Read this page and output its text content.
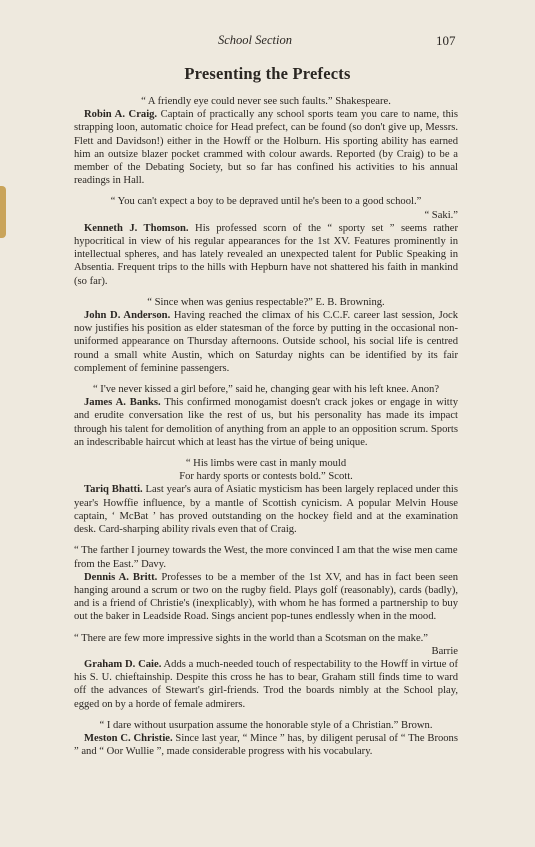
School Section	107
Presenting the Prefects

“ A friendly eye could never see such faults.” Shakespeare.

Robin A. Craig. Captain of practically any school sports team you care to name, this strapping loon, automatic choice for Head prefect, can be found (so don't give up, Messrs. Flett and Davidson!) either in the Howff or the Holburn. His sporting ability has earned him an outsize blazer pocket crammed with colour awards. Reported (by Craig) to be a member of the Debating Society, but so far has confined his activities to his annual readings in Hall.

“ You can't expect a boy to be depraved until he's been to a good school.”

“ Saki.”

Kenneth J. Thomson. His professed scorn of the “ sporty set ” seems rather hypocritical in view of his regular appearances for the 1st XV. Features prominently in intellectual spheres, and has lately revealed an unexpected talent for Public Speaking in Absentia. Frequent trips to the hills with Hepburn have not shattered his faith in mankind (so far).

“ Since when was genius respectable?” E. B. Browning.

John D. Anderson. Having reached the climax of his C.C.F. career last session, Jock now justifies his position as elder statesman of the force by putting in the occasional non-uniformed appearance on Thursday afternoons. Outside school, his social life is centred round a small white Austin, which on Saturday nights can be identified by its fair complement of feminine passengers.

“ I've never kissed a girl before,” said he, changing gear with his left knee. Anon?

James A. Banks. This confirmed monogamist doesn't crack jokes or engage in witty and erudite conversation like the rest of us, but his personality has made its impact through his talent for demolition of anything from an apple to an opposition scrum. Sports an indescribable haircut which at least has the virtue of being unique.

“ His limbs were cast in manly mould

For hardy sports or contests bold.” Scott.

Tariq Bhatti. Last year's aura of Asiatic mysticism has been largely replaced under this year's Howffie influence, by a mantle of Scottish cynicism. A popular Melvin House captain, ‘ McBat ’ has proved outstanding on the hockey field and at the examination desk. Card-sharping ability rivals even that of Craig.

“ The farther I journey towards the West, the more convinced I am that the wise men came from the East.” Davy.

Dennis A. Britt. Professes to be a member of the 1st XV, and has in fact been seen hanging around a scrum or two on the rugby field. Plays golf (reasonably), cards (badly), and is a friend of Christie's (inexplicably), with whom he has formed a partnership to buy out the baker in Leadside Road. Sings ancient pop-tunes endlessly when in the mood.

“ There are few more impressive sights in the world than a Scotsman on the make.”

Barrie

Graham D. Caie. Adds a much-needed touch of respectability to the Howff in virtue of his S. U. chieftainship. Despite this cross he has to bear, Graham still finds time to ward off the advances of Stewart's girl-friends. Trod the boards nimbly at the School play, egged on by a horde of female admirers.

“ I dare without usurpation assume the honorable style of a Christian.” Brown.

Meston C. Christie. Since last year, “ Mince ” has, by diligent perusal of “ The Broons ” and “ Oor Wullie ”, made considerable progress with his vocabulary.
